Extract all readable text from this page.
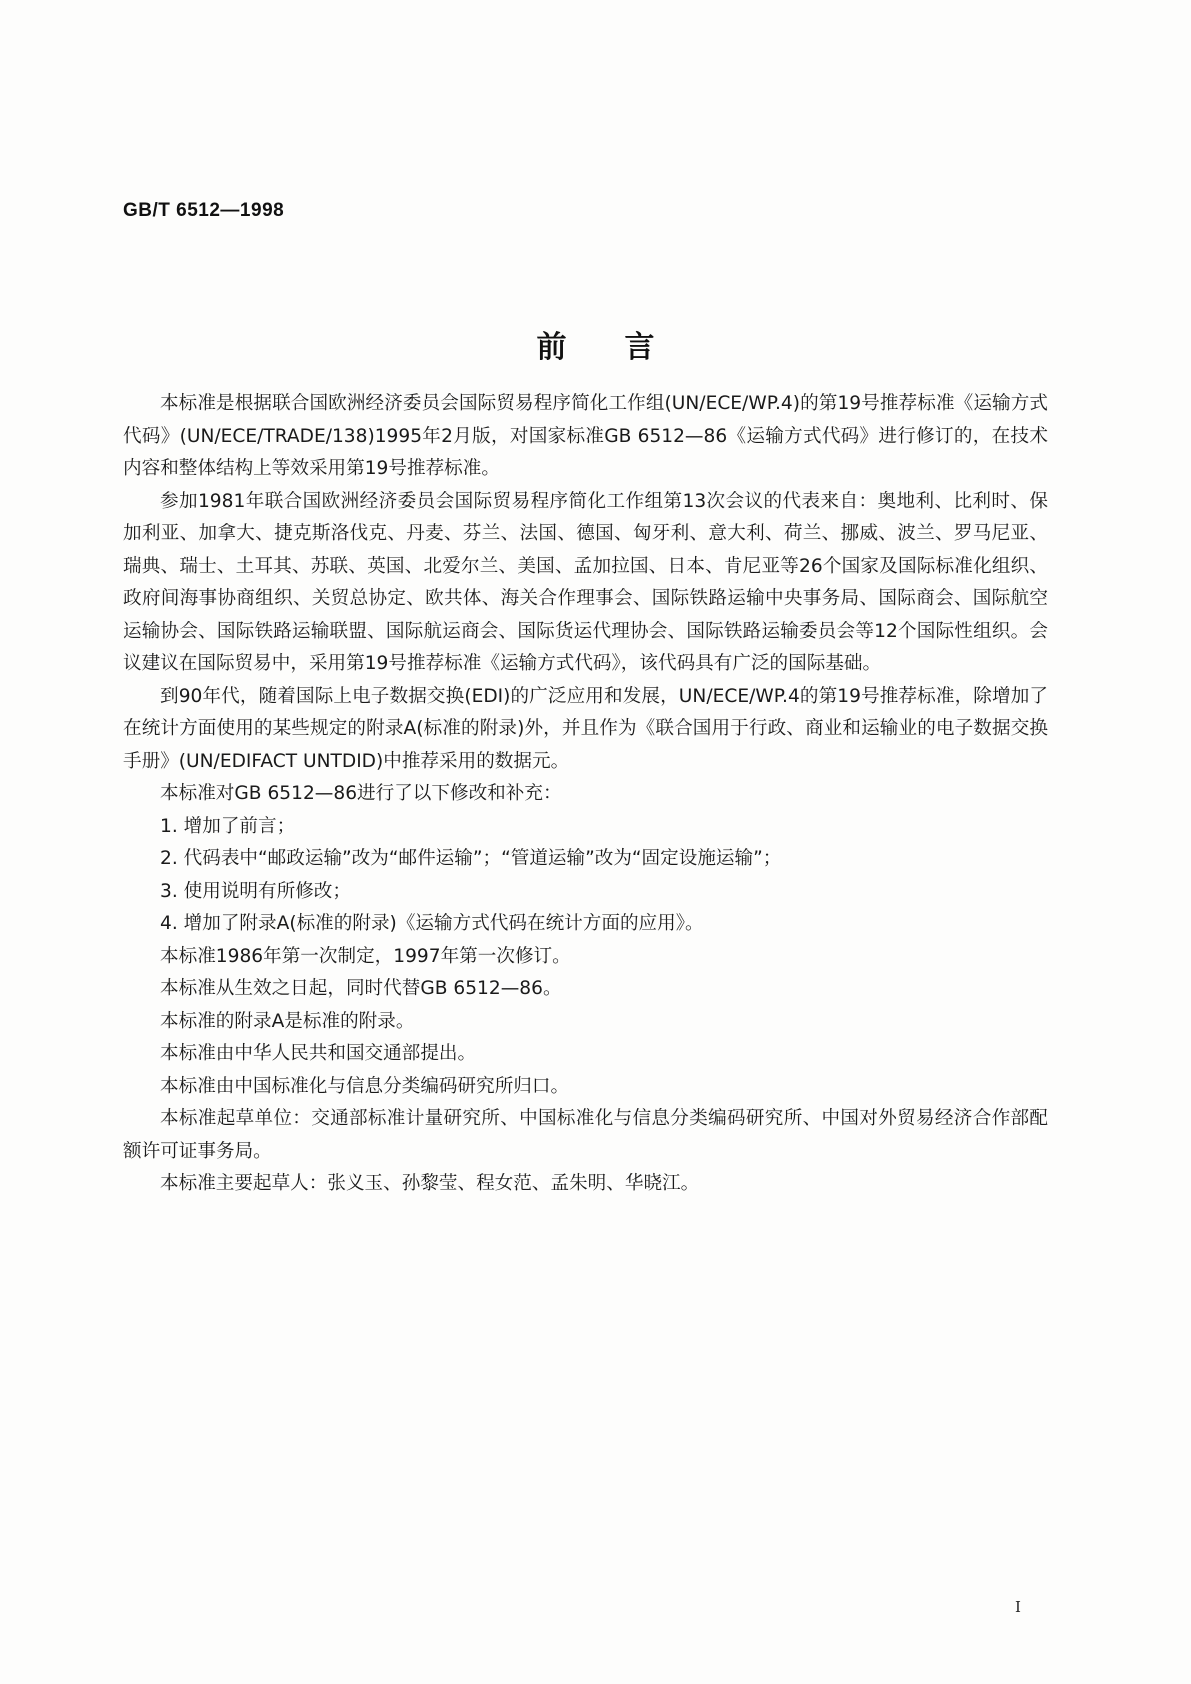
GB/T 6512—1998
前言

本标准是根据联合国欧洲经济委员会国际贸易程序简化工作组(UN/ECE/WP.4)的第19号推荐标准《运输方式代码》(UN/ECE/TRADE/138)1995年2月版，对国家标准GB 6512—86《运输方式代码》进行修订的，在技术内容和整体结构上等效采用第19号推荐标准。

参加1981年联合国欧洲经济委员会国际贸易程序简化工作组第13次会议的代表来自：奥地利、比利时、保加利亚、加拿大、捷克斯洛伐克、丹麦、芬兰、法国、德国、匈牙利、意大利、荷兰、挪威、波兰、罗马尼亚、瑞典、瑞士、土耳其、苏联、英国、北爱尔兰、美国、孟加拉国、日本、肯尼亚等26个国家及国际标准化组织、政府间海事协商组织、关贸总协定、欧共体、海关合作理事会、国际铁路运输中央事务局、国际商会、国际航空运输协会、国际铁路运输联盟、国际航运商会、国际货运代理协会、国际铁路运输委员会等12个国际性组织。会议建议在国际贸易中，采用第19号推荐标准《运输方式代码》，该代码具有广泛的国际基础。

到90年代，随着国际上电子数据交换(EDI)的广泛应用和发展，UN/ECE/WP.4的第19号推荐标准，除增加了在统计方面使用的某些规定的附录A(标准的附录)外，并且作为《联合国用于行政、商业和运输业的电子数据交换手册》(UN/EDIFACT UNTDID)中推荐采用的数据元。

本标准对GB 6512—86进行了以下修改和补充：

1. 增加了前言；

2. 代码表中“邮政运输”改为“邮件运输”；“管道运输”改为“固定设施运输”；

3. 使用说明有所修改；

4. 增加了附录A(标准的附录)《运输方式代码在统计方面的应用》。

本标准1986年第一次制定，1997年第一次修订。

本标准从生效之日起，同时代替GB 6512—86。

本标准的附录A是标准的附录。

本标准由中华人民共和国交通部提出。

本标准由中国标准化与信息分类编码研究所归口。

本标准起草单位：交通部标准计量研究所、中国标准化与信息分类编码研究所、中国对外贸易经济合作部配额许可证事务局。

本标准主要起草人：张义玉、孙黎莹、程女范、孟朱明、华晓江。

I
